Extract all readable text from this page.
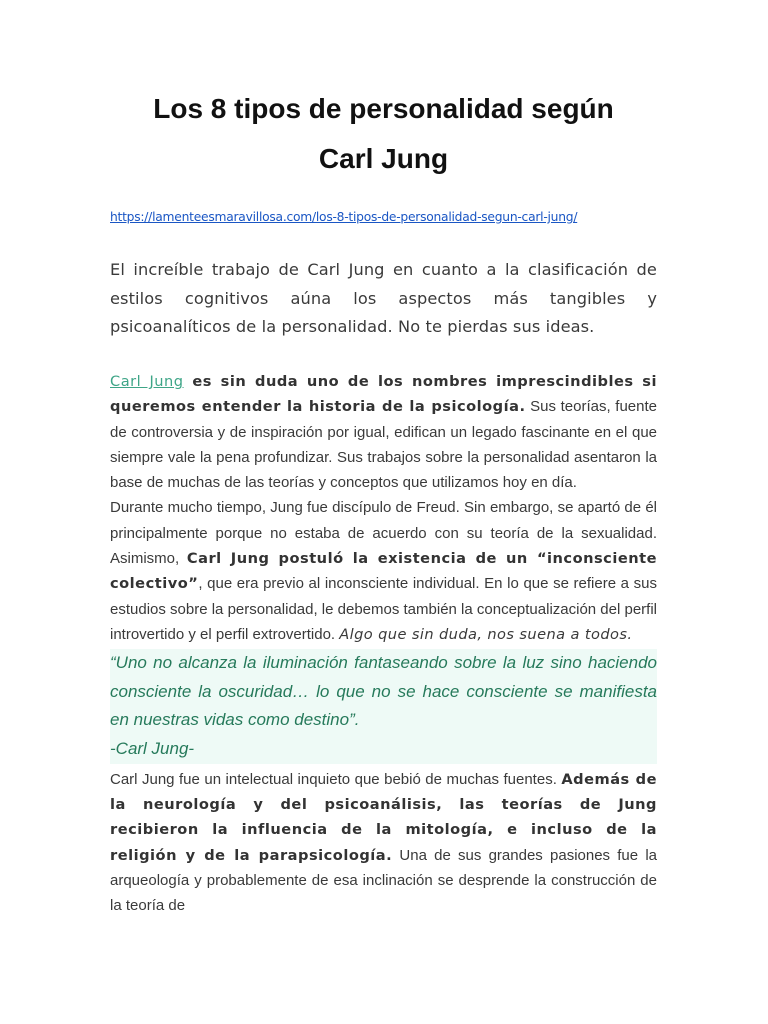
Los 8 tipos de personalidad según
Carl Jung
https://lamenteesmaravillosa.com/los-8-tipos-de-personalidad-segun-carl-jung/

El increíble trabajo de Carl Jung en cuanto a la clasificación de estilos cognitivos aúna los aspectos más tangibles y psicoanalíticos de la personalidad. No te pierdas sus ideas.

Carl Jung es sin duda uno de los nombres imprescindibles si queremos entender la historia de la psicología. Sus teorías, fuente de controversia y de inspiración por igual, edifican un legado fascinante en el que siempre vale la pena profundizar. Sus trabajos sobre la personalidad asentaron la base de muchas de las teorías y conceptos que utilizamos hoy en día.

Durante mucho tiempo, Jung fue discípulo de Freud. Sin embargo, se apartó de él principalmente porque no estaba de acuerdo con su teoría de la sexualidad. Asimismo, Carl Jung postuló la existencia de un “inconsciente colectivo”, que era previo al inconsciente individual. En lo que se refiere a sus estudios sobre la personalidad, le debemos también la conceptualización del perfil introvertido y el perfil extrovertido. Algo que sin duda, nos suena a todos.

“Uno no alcanza la iluminación fantaseando sobre la luz sino haciendo consciente la oscuridad… lo que no se hace consciente se manifiesta en nuestras vidas como destino”.
-Carl Jung-

Carl Jung fue un intelectual inquieto que bebió de muchas fuentes. Además de la neurología y del psicoanálisis, las teorías de Jung recibieron la influencia de la mitología, e incluso de la religión y de la parapsicología. Una de sus grandes pasiones fue la arqueología y probablemente de esa inclinación se desprende la construcción de la teoría de
